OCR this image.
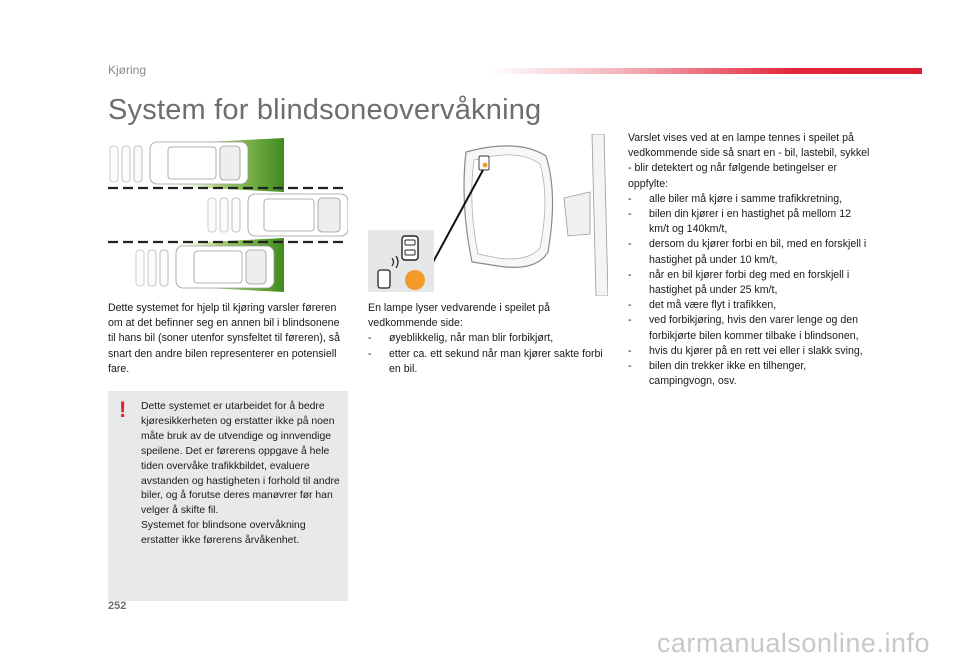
Kjøring
System for blindsoneovervåkning

Dette systemet for hjelp til kjøring varsler føreren om at det befinner seg en annen bil i blindsonene til hans bil (soner utenfor synsfeltet til føreren), så snart den andre bilen representerer en potensiell fare.

En lampe lyser vedvarende i speilet på vedkommende side:
- øyeblikkelig, når man blir forbikjørt,
- etter ca. ett sekund når man kjører sakte forbi en bil.
Varslet vises ved at en lampe tennes i speilet på vedkommende side så snart en - bil, lastebil, sykkel - blir detektert og når følgende betingelser er oppfylte:
- alle biler må kjøre i samme trafikkretning,
- bilen din kjører i en hastighet på mellom 12 km/t og 140km/t,
- dersom du kjører forbi en bil, med en forskjell i hastighet på under 10 km/t,
- når en bil kjører forbi deg med en forskjell i hastighet på under 25 km/t,
- det må være flyt i trafikken,
- ved forbikjøring, hvis den varer lenge og den forbikjørte bilen kommer tilbake i blindsonen,
- hvis du kjører på en rett vei eller i slakk sving,
- bilen din trekker ikke en tilhenger, campingvogn, osv.
! Dette systemet er utarbeidet for å bedre kjøresikkerheten og erstatter ikke på noen måte bruk av de utvendige og innvendige speilene. Det er førerens oppgave å hele tiden overvåke trafikkbildet, evaluere avstanden og hastigheten i forhold til andre biler, og å forutse deres manøvrer før han velger å skifte fil.
Systemet for blindsone overvåkning erstatter ikke førerens årvåkenhet.
252
carmanualsonline.info
